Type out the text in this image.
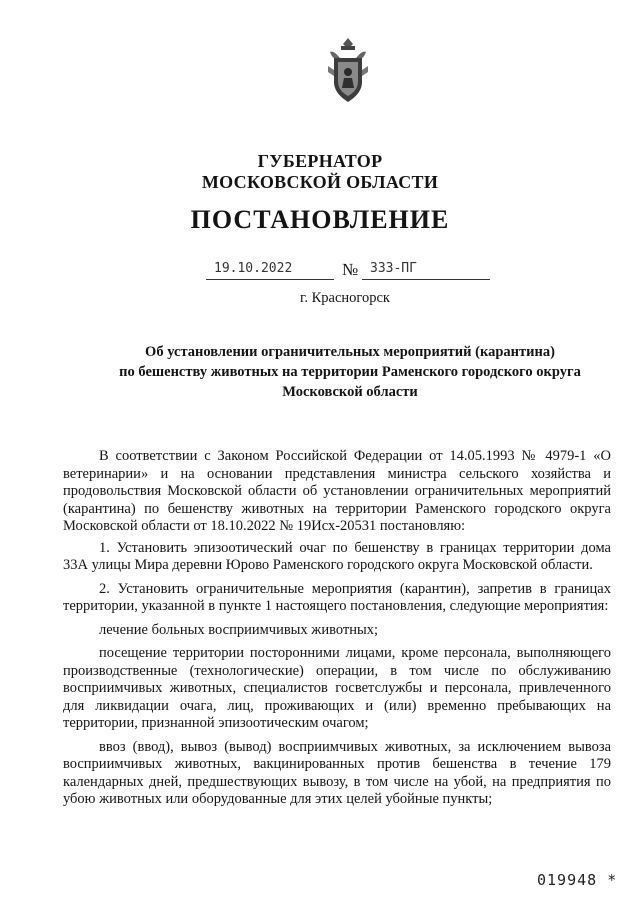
ГУБЕРНАТОР
МОСКОВСКОЙ ОБЛАСТИ
ПОСТАНОВЛЕНИЕ
19.10.2022	№ 333-ПГ
г. Красногорск
Об установлении ограничительных мероприятий (карантина)
по бешенству животных на территории Раменского городского округа
Московской области

В соответствии с Законом Российской Федерации от 14.05.1993 № 4979-1 «О ветеринарии» и на основании представления министра сельского хозяйства и продовольствия Московской области об установлении ограничительных мероприятий (карантина) по бешенству животных на территории Раменского городского округа Московской области от 18.10.2022 № 19Исх-20531 постановляю:

1. Установить эпизоотический очаг по бешенству в границах территории дома 33А улицы Мира деревни Юрово Раменского городского округа Московской области.

2. Установить ограничительные мероприятия (карантин), запретив в границах территории, указанной в пункте 1 настоящего постановления, следующие мероприятия:

лечение больных восприимчивых животных;

посещение территории посторонними лицами, кроме персонала, выполняющего производственные (технологические) операции, в том числе по обслуживанию восприимчивых животных, специалистов госветслужбы и персонала, привлеченного для ликвидации очага, лиц, проживающих и (или) временно пребывающих на территории, признанной эпизоотическим очагом;

ввоз (ввод), вывоз (вывод) восприимчивых животных, за исключением вывоза восприимчивых животных, вакцинированных против бешенства в течение 179 календарных дней, предшествующих вывозу, в том числе на убой, на предприятия по убою животных или оборудованные для этих целей убойные пункты;

019948 *
